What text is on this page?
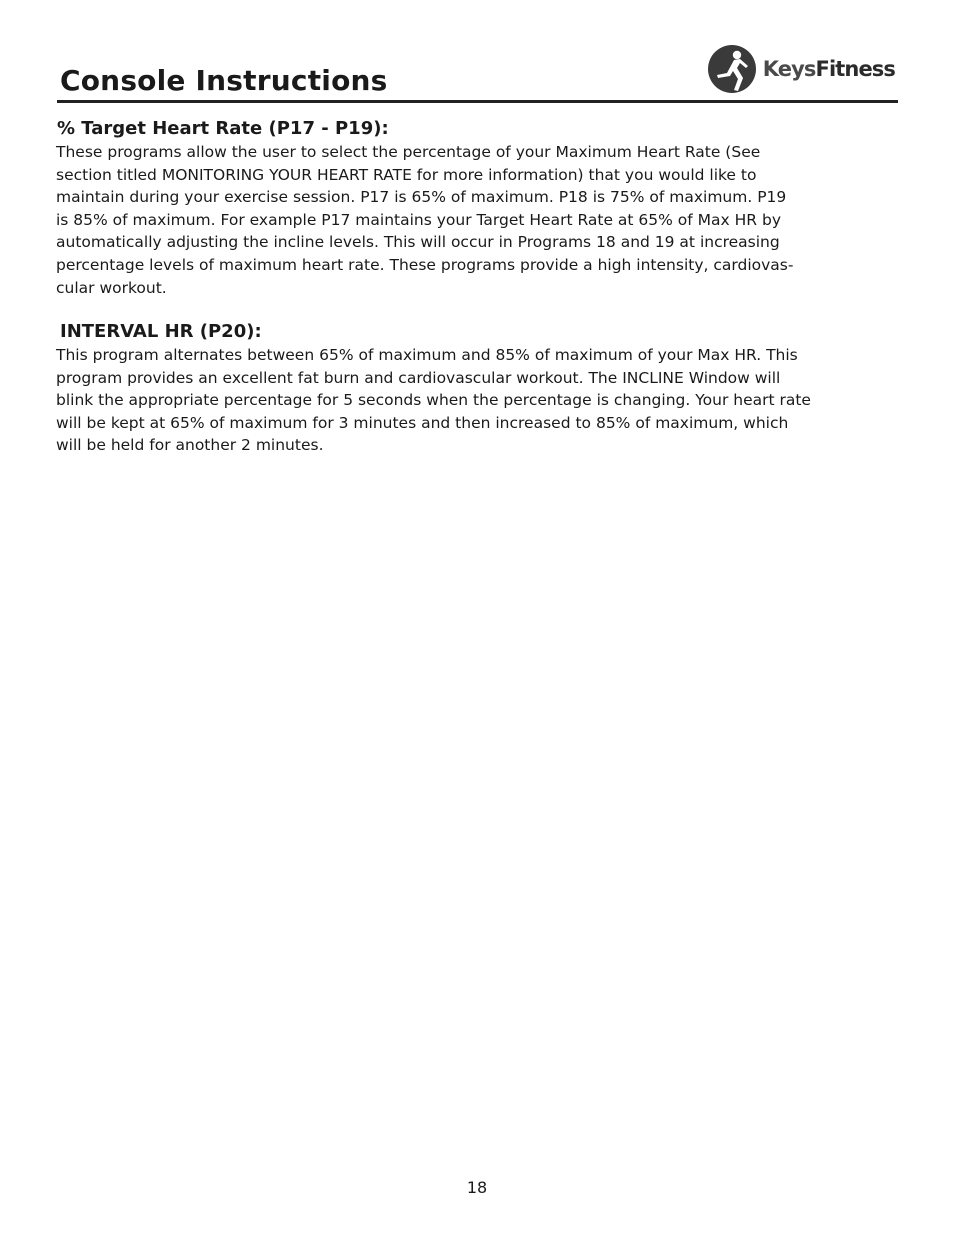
Console Instructions	KeysFitness
% Target Heart Rate (P17 - P19):

These programs allow the user to select the percentage of your Maximum Heart Rate (See
section titled MONITORING YOUR HEART RATE for more information) that you would like to
maintain during your exercise session. P17 is 65% of maximum. P18 is 75% of maximum. P19
is 85% of maximum. For example P17 maintains your Target Heart Rate at 65% of Max HR by
automatically adjusting the incline levels. This will occur in Programs 18 and 19 at increasing
percentage levels of maximum heart rate. These programs provide a high intensity, cardiovas-
cular workout.

INTERVAL HR (P20):

This program alternates between 65% of maximum and 85% of maximum of your Max HR. This
program provides an excellent fat burn and cardiovascular workout. The INCLINE Window will
blink the appropriate percentage for 5 seconds when the percentage is changing. Your heart rate
will be kept at 65% of maximum for 3 minutes and then increased to 85% of maximum, which
will be held for another 2 minutes.

18
